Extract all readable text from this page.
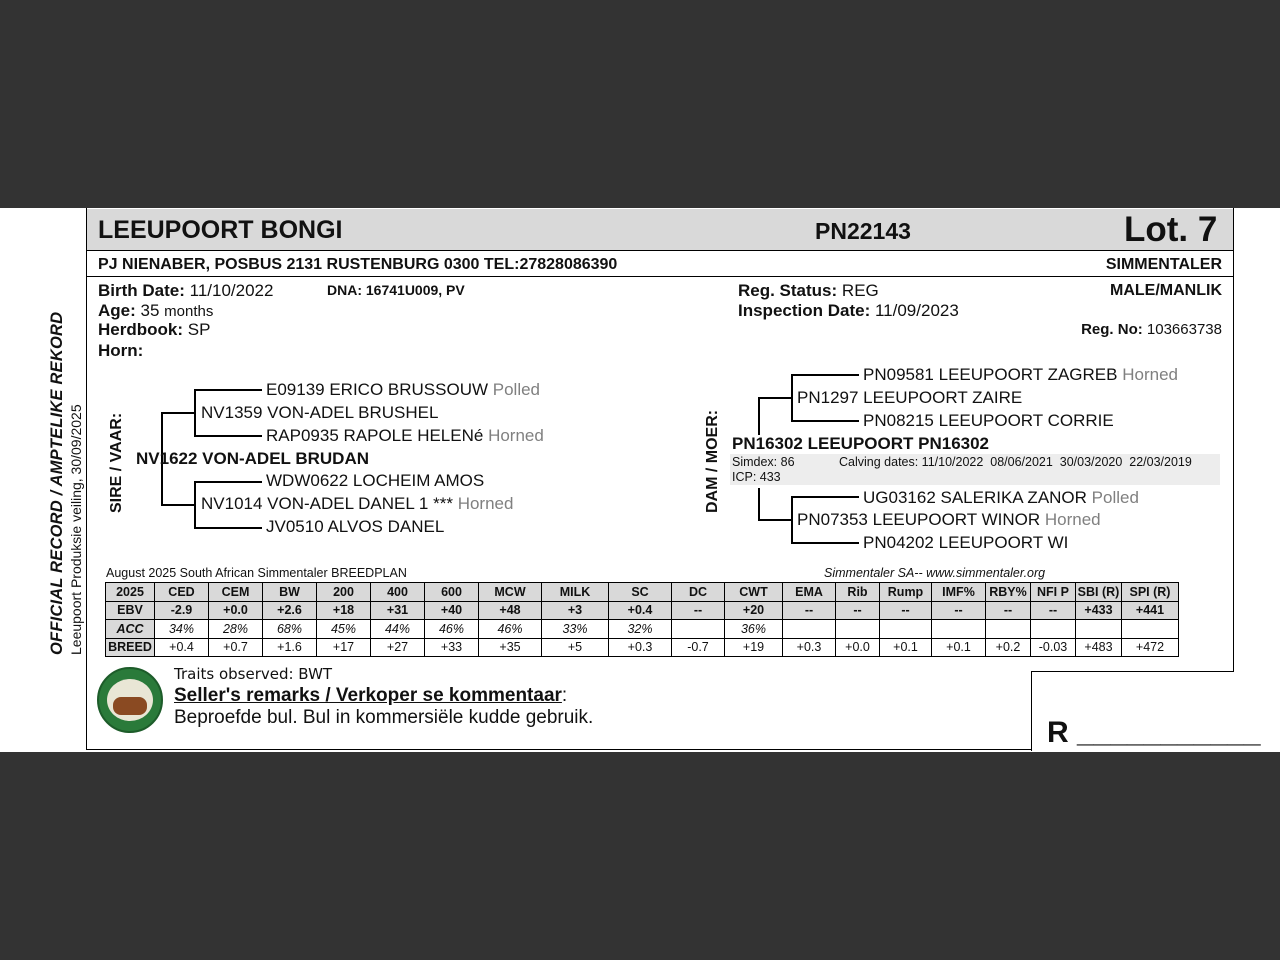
OFFICIAL RECORD / AMPTELIKE REKORD Leeupoort Produksie veiling, 30/09/2025
LEEUPOORT BONGI	PN22143	Lot. 7
PJ NIENABER, POSBUS 2131 RUSTENBURG 0300 TEL:27828086390	SIMMENTALER
Birth Date: 11/10/2022	DNA: 16741U009, PV
Age: 35 months
Herdbook: SP
Horn:
Reg. Status: REG
Inspection Date: 11/09/2023
MALE/MANLIK
Reg. No: 103663738
SIRE / VAAR:
E09139 ERICO BRUSSOUW Polled
NV1359 VON-ADEL BRUSHEL
RAP0935 RAPOLE HELENé Horned
NV1622 VON-ADEL BRUDAN
WDW0622 LOCHEIM AMOS
NV1014 VON-ADEL DANEL 1 *** Horned
JV0510 ALVOS DANEL
DAM / MOER:
PN09581 LEEUPOORT ZAGREB Horned
PN1297 LEEUPOORT ZAIRE
PN08215 LEEUPOORT CORRIE
PN16302 LEEUPOORT PN16302
Simdex: 86
ICP: 433
Calving dates: 11/10/2022  08/06/2021  30/03/2020  22/03/2019
UG03162 SALERIKA ZANOR Polled
PN07353 LEEUPOORT WINOR Horned
PN04202 LEEUPOORT WI
August 2025 South African Simmentaler BREEDPLAN	Simmentaler SA-- www.simmentaler.org
2025	CED	CEM	BW	200	400	600	MCW	MILK	SC	DC	CWT	EMA	Rib	Rump	IMF%	RBY%	NFI P	SBI (R)	SPI (R)
EBV	-2.9	+0.0	+2.6	+18	+31	+40	+48	+3	+0.4	--	+20	--	--	--	--	--	--	+433	+441
ACC	34%	28%	68%	45%	44%	46%	46%	33%	32%		36%								
BREED	+0.4	+0.7	+1.6	+17	+27	+33	+35	+5	+0.3	-0.7	+19	+0.3	+0.0	+0.1	+0.1	+0.2	-0.03	+483	+472
Traits observed: BWT
Seller's remarks / Verkoper se kommentaar:
Beproefde bul. Bul in kommersiële kudde gebruik.	R ___________
